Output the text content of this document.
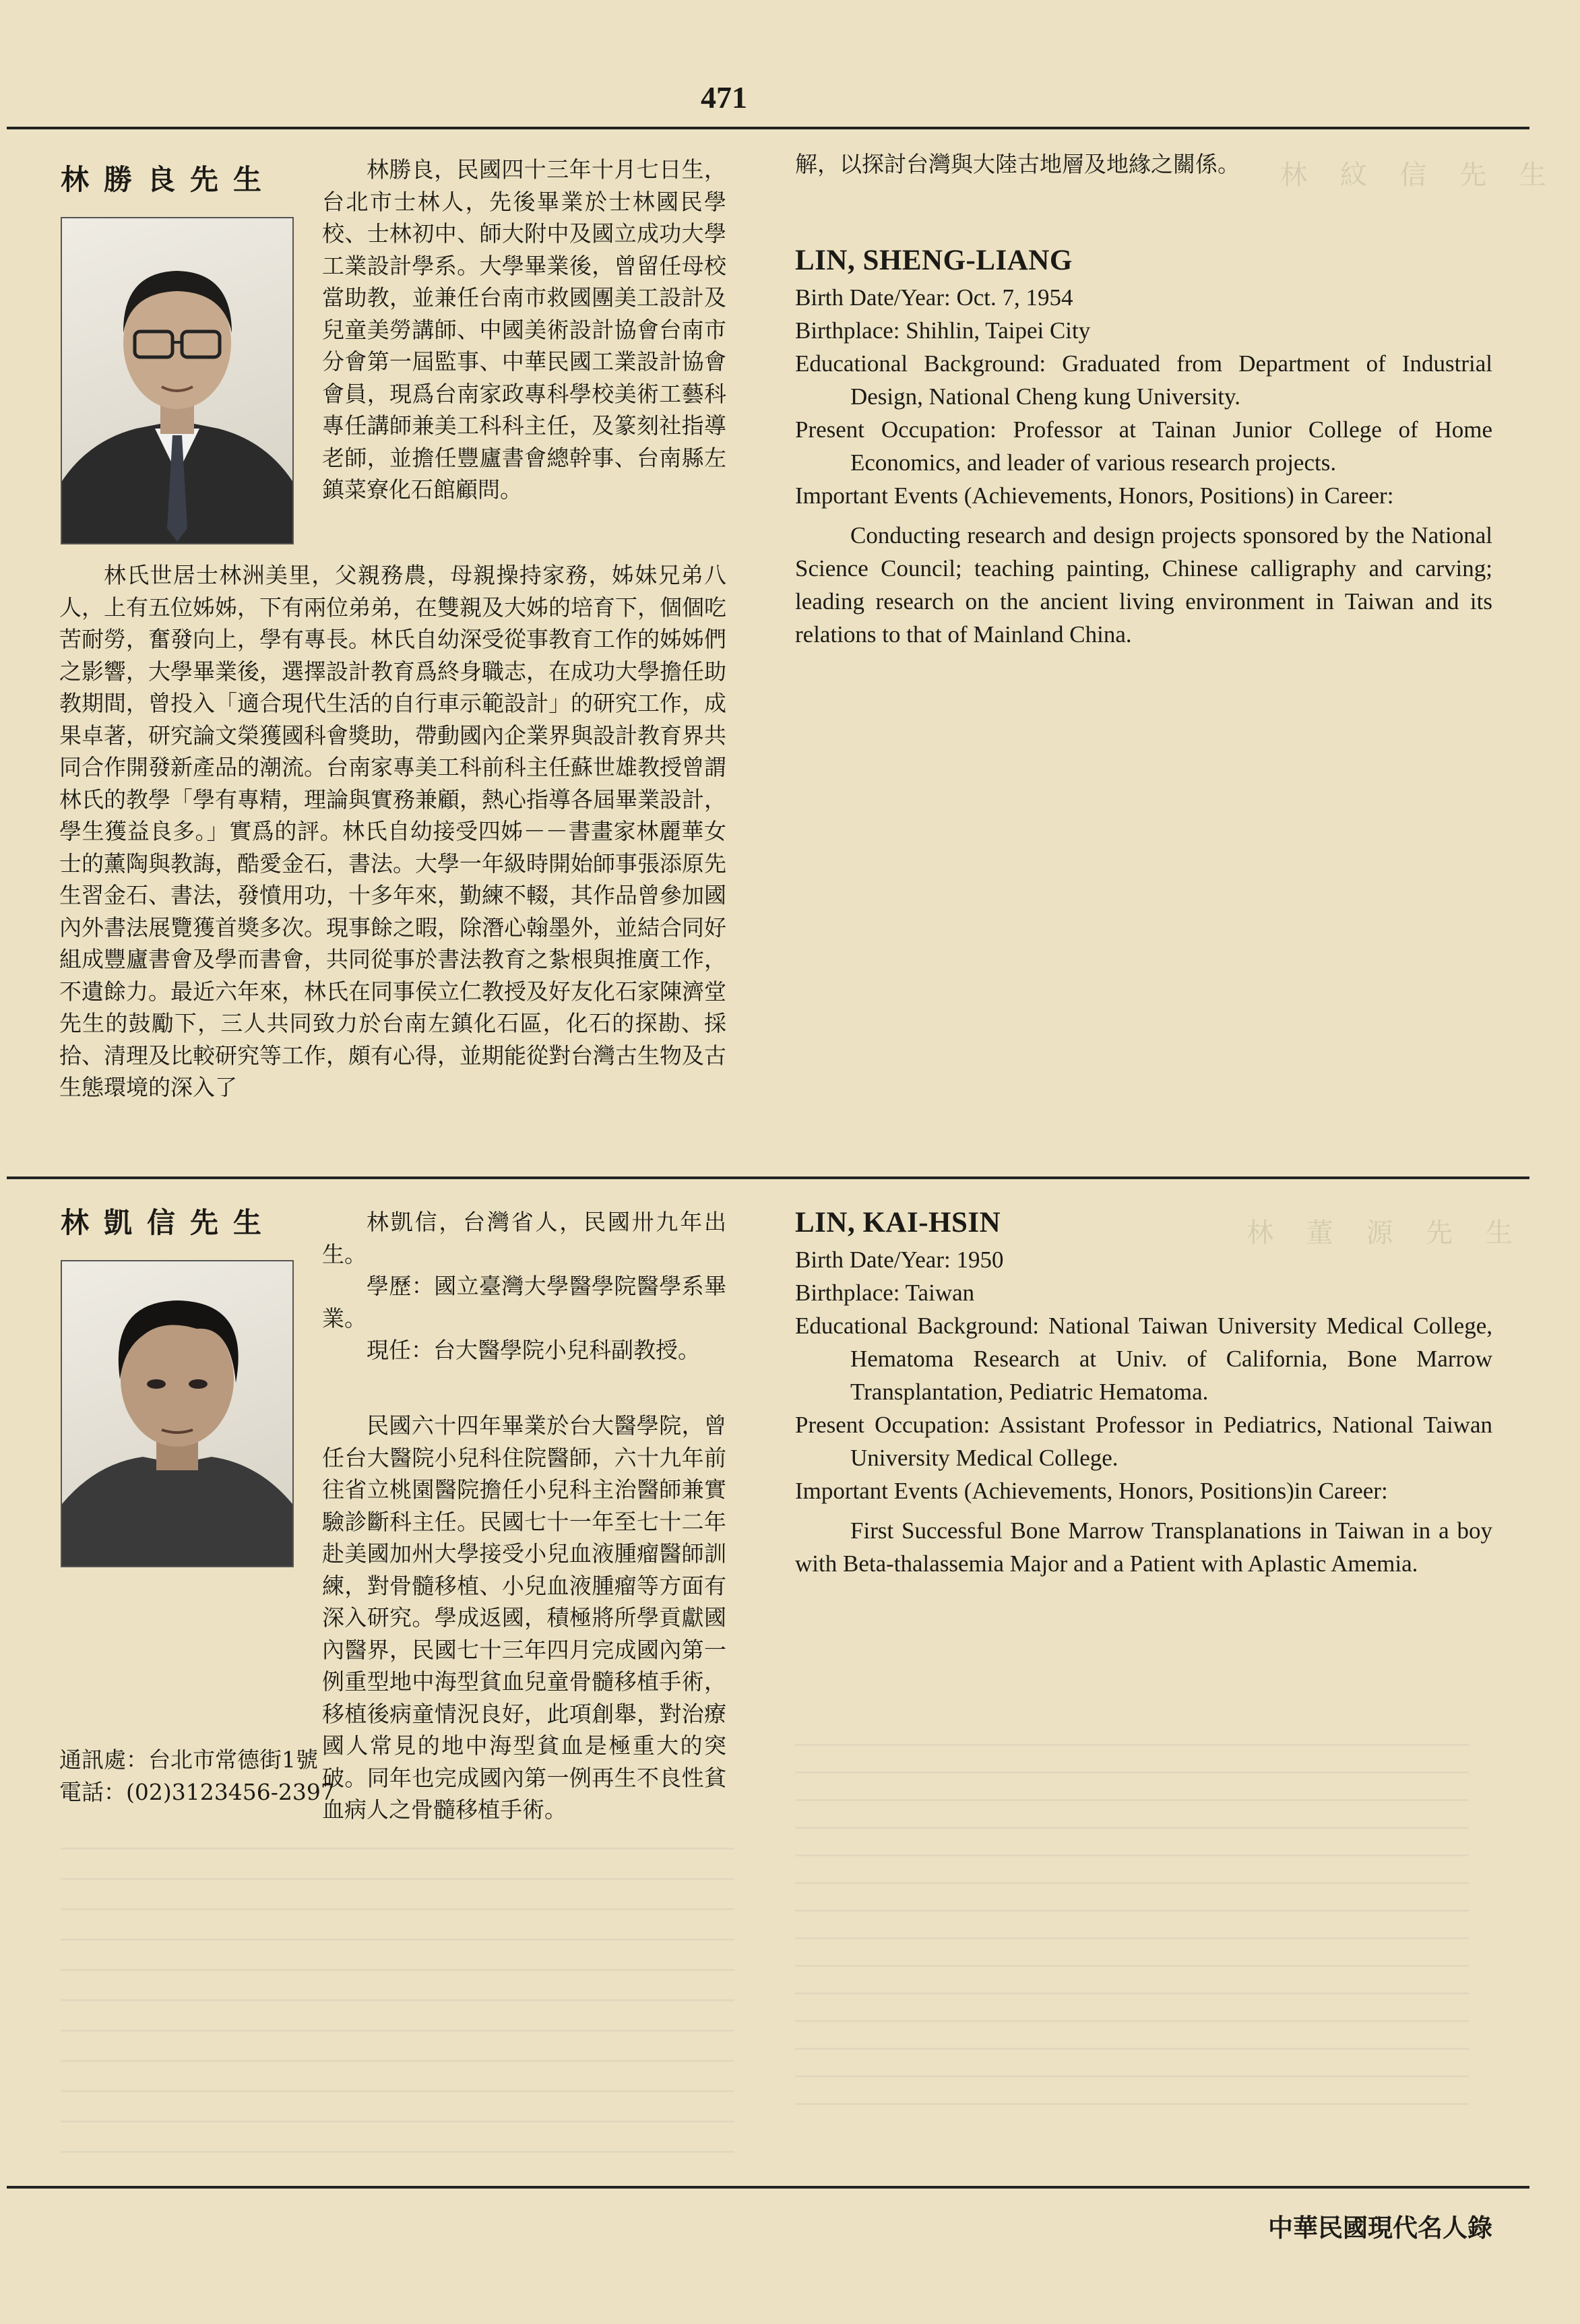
471
林 紋 信 先 生
林 董 源 先 生
林勝良先生	林勝良，民國四十三年十月七日生，台北市士林人，先後畢業於士林國民學校、士林初中、師大附中及國立成功大學工業設計學系。大學畢業後，曾留任母校當助教，並兼任台南市救國團美工設計及兒童美勞講師、中國美術設計協會台南市分會第一屆監事、中華民國工業設計協會會員，現爲台南家政專科學校美術工藝科專任講師兼美工科科主任，及篆刻社指導老師，並擔任豐廬書會總幹事、台南縣左鎮菜寮化石館顧問。

林氏世居士林洲美里，父親務農，母親操持家務，姊妹兄弟八人，上有五位姊姊，下有兩位弟弟，在雙親及大姊的培育下，個個吃苦耐勞，奮發向上，學有專長。林氏自幼深受從事教育工作的姊姊們之影響，大學畢業後，選擇設計教育爲終身職志，在成功大學擔任助教期間，曾投入「適合現代生活的自行車示範設計」的研究工作，成果卓著，研究論文榮獲國科會獎助，帶動國內企業界與設計教育界共同合作開發新產品的潮流。台南家專美工科前科主任蘇世雄教授曾謂林氏的教學「學有專精，理論與實務兼顧，熱心指導各屆畢業設計，學生獲益良多。」實爲的評。林氏自幼接受四姊－－書畫家林麗華女士的薰陶與教誨，酷愛金石，書法。大學一年級時開始師事張添原先生習金石、書法，發憤用功，十多年來，勤練不輟，其作品曾參加國內外書法展覽獲首獎多次。現事餘之暇，除潛心翰墨外，並結合同好組成豐廬書會及學而書會，共同從事於書法教育之紮根與推廣工作，不遺餘力。最近六年來，林氏在同事侯立仁教授及好友化石家陳濟堂先生的鼓勵下，三人共同致力於台南左鎮化石區，化石的探勘、採拾、清理及比較研究等工作，頗有心得，並期能從對台灣古生物及古生態環境的深入了

解，以探討台灣與大陸古地層及地緣之關係。

LIN, SHENG-LIANG

Birth Date/Year: Oct. 7, 1954

Birthplace: Shihlin, Taipei City

Educational Background: Graduated from Department of Industrial Design, National Cheng kung University.

Present Occupation: Professor at Tainan Junior College of Home Economics, and leader of various research projects.

Important Events (Achievements, Honors, Positions) in Career:

Conducting research and design projects sponsored by the National Science Council; teaching painting, Chinese calligraphy and carving; leading research on the ancient living environment in Taiwan and its relations to that of Mainland China.

林凱信先生	林凱信，台灣省人，民國卅九年出生。

學歷：國立臺灣大學醫學院醫學系畢業。

現任：台大醫學院小兒科副教授。

民國六十四年畢業於台大醫學院，曾任台大醫院小兒科住院醫師，六十九年前往省立桃園醫院擔任小兒科主治醫師兼實驗診斷科主任。民國七十一年至七十二年赴美國加州大學接受小兒血液腫瘤醫師訓練，對骨髓移植、小兒血液腫瘤等方面有深入研究。學成返國，積極將所學貢獻國內醫界，民國七十三年四月完成國內第一例重型地中海型貧血兒童骨髓移植手術，移植後病童情況良好，此項創舉，對治療國人常見的地中海型貧血是極重大的突破。同年也完成國內第一例再生不良性貧血病人之骨髓移植手術。

通訊處：台北市常德街1號

電話：(02)3123456-2397

LIN, KAI-HSIN

Birth Date/Year: 1950

Birthplace: Taiwan

Educational Background: National Taiwan University Medical College, Hematoma Research at Univ. of California, Bone Marrow Transplantation, Pediatric Hematoma.

Present Occupation: Assistant Professor in Pediatrics, National Taiwan University Medical College.

Important Events (Achievements, Honors, Positions)in Career:

First Successful Bone Marrow Transplanations in Taiwan in a boy with Beta-thalassemia Major and a Patient with Aplastic Amemia.

中華民國現代名人錄
